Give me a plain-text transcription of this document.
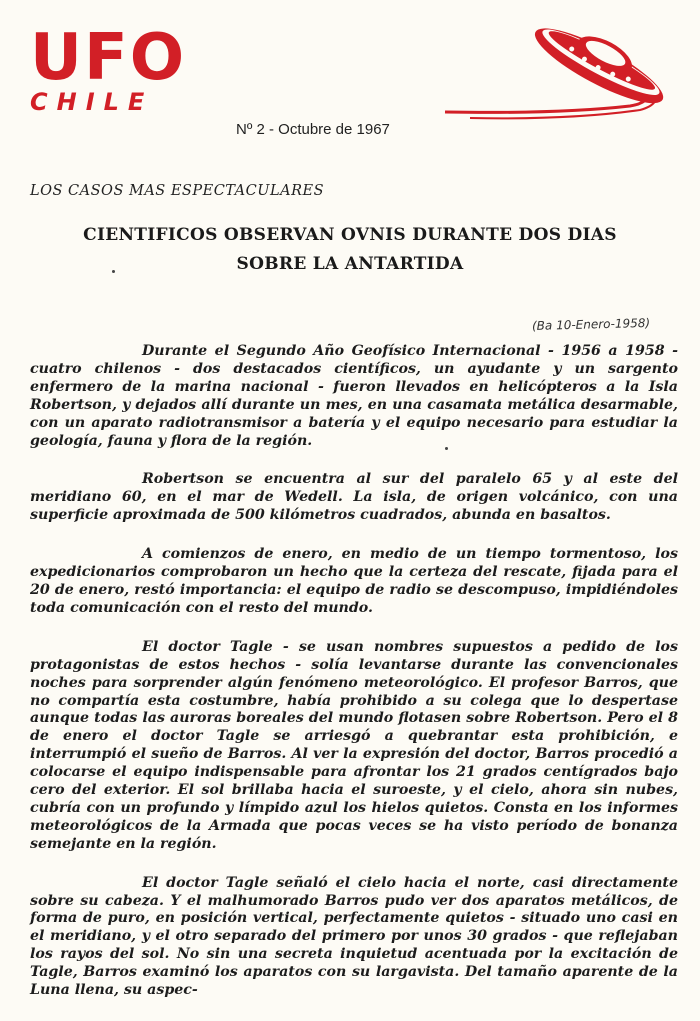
UFO
CHILE
Nº 2 - Octubre de 1967
LOS CASOS MAS ESPECTACULARES
CIENTIFICOS OBSERVAN OVNIS DURANTE DOS DIAS
SOBRE LA ANTARTIDA
(Ba 10-Enero-1958)

Durante el Segundo Año Geofísico Internacional - 1956 a 1958 - cuatro chilenos - dos destacados científicos, un ayudante y un sargento enfermero de la marina nacional - fueron llevados en helicópteros a la Isla Robertson, y dejados allí durante un mes, en una casamata metálica desarmable, con un aparato radiotransmisor a batería y el equipo necesario para estudiar la geología, fauna y flora de la región.

Robertson se encuentra al sur del paralelo 65 y al este del meridiano 60, en el mar de Wedell. La isla, de origen volcánico, con una superficie aproximada de 500 kilómetros cuadrados, abunda en basaltos.

A comienzos de enero, en medio de un tiempo tormentoso, los expedicionarios comprobaron un hecho que la certeza del rescate, fijada para el 20 de enero, restó importancia: el equipo de radio se descompuso, impidiéndoles toda comunicación con el resto del mundo.

El doctor Tagle - se usan nombres supuestos a pedido de los protagonistas de estos hechos - solía levantarse durante las convencionales noches para sorprender algún fenómeno meteorológico. El profesor Barros, que no compartía esta costumbre, había prohibido a su colega que lo despertase aunque todas las auroras boreales del mundo flotasen sobre Robertson. Pero el 8 de enero el doctor Tagle se arriesgó a quebrantar esta prohibición, e interrumpió el sueño de Barros. Al ver la expresión del doctor, Barros procedió a colocarse el equipo indispensable para afrontar los 21 grados centígrados bajo cero del exterior. El sol brillaba hacia el suroeste, y el cielo, ahora sin nubes, cubría con un profundo y límpido azul los hielos quietos. Consta en los informes meteorológicos de la Armada que pocas veces se ha visto período de bonanza semejante en la región.

El doctor Tagle señaló el cielo hacia el norte, casi directamente sobre su cabeza. Y el malhumorado Barros pudo ver dos aparatos metálicos, de forma de puro, en posición vertical, perfectamente quietos - situado uno casi en el meridiano, y el otro separado del primero por unos 30 grados - que reflejaban los rayos del sol. No sin una secreta inquietud acentuada por la excitación de Tagle, Barros examinó los aparatos con su largavista. Del tamaño aparente de la Luna llena, su aspec-
